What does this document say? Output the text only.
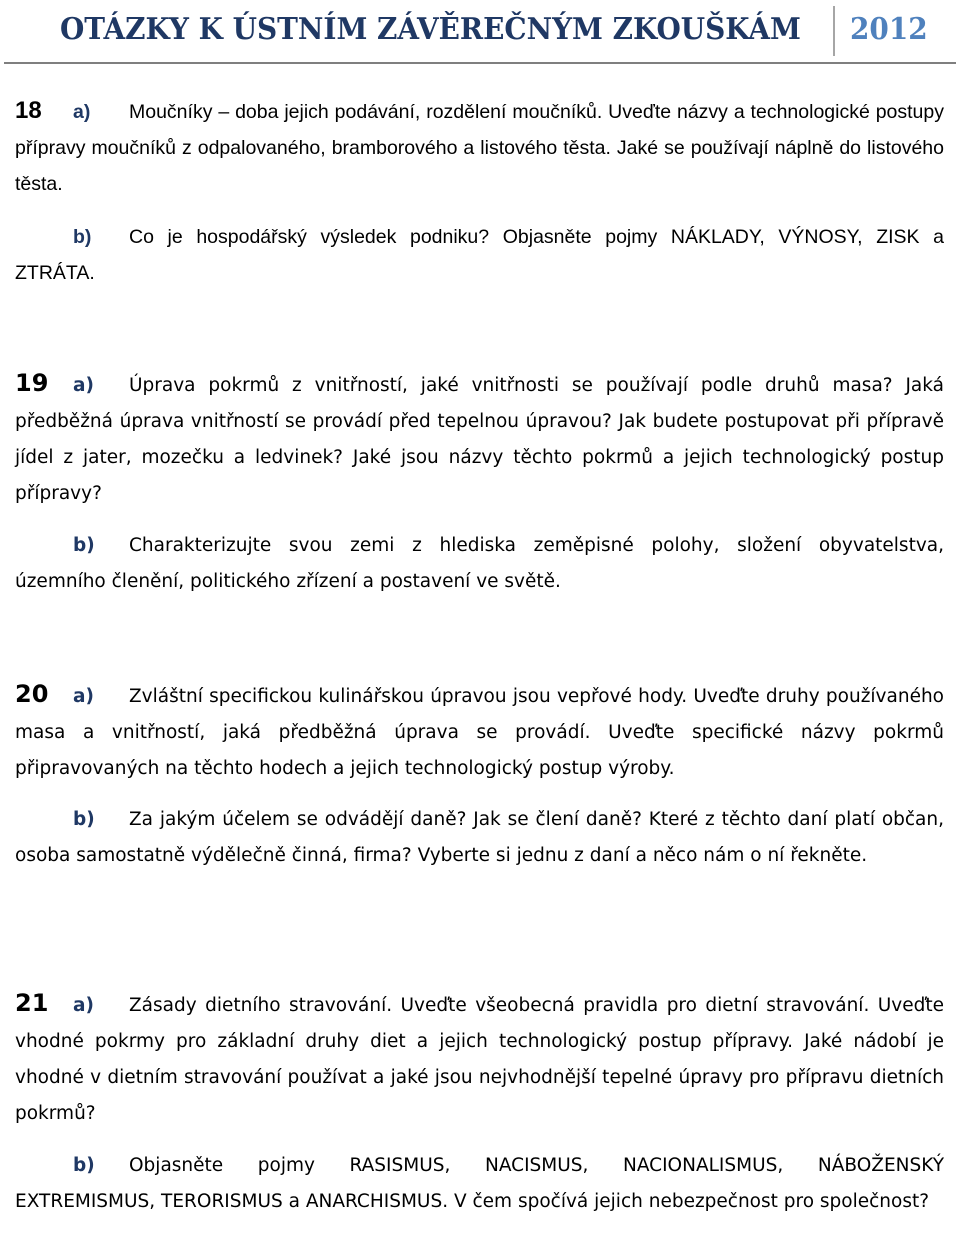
OTÁZKY K ÚSTNÍM ZÁVĚREČNÝM ZKOUŠKÁM 2012
18 a) Moučníky – doba jejich podávání, rozdělení moučníků. Uveďte názvy a technologické postupy přípravy moučníků z odpalovaného, bramborového a listového těsta. Jaké se používají náplně do listového těsta.
b) Co je hospodářský výsledek podniku? Objasněte pojmy NÁKLADY, VÝNOSY, ZISK a ZTRÁTA.
19 a) Úprava pokrmů z vnitřností, jaké vnitřnosti se používají podle druhů masa? Jaká předběžná úprava vnitřností se provádí před tepelnou úpravou? Jak budete postupovat při přípravě jídel z jater, mozečku a ledvinek? Jaké jsou názvy těchto pokrmů a jejich technologický postup přípravy?
b) Charakterizujte svou zemi z hlediska zeměpisné polohy, složení obyvatelstva, územního členění, politického zřízení a postavení ve světě.
20 a) Zvláštní specifickou kulinářskou úpravou jsou vepřové hody. Uveďte druhy používaného masa a vnitřností, jaká předběžná úprava se provádí. Uveďte specifické názvy pokrmů připravovaných na těchto hodech a jejich technologický postup výroby.
b) Za jakým účelem se odvádějí daně? Jak se člení daně? Které z těchto daní platí občan, osoba samostatně výdělečně činná, firma? Vyberte si jednu z daní a něco nám o ní řekněte.
21 a) Zásady dietního stravování. Uveďte všeobecná pravidla pro dietní stravování. Uveďte vhodné pokrmy pro základní druhy diet a jejich technologický postup přípravy. Jaké nádobí je vhodné v dietním stravování používat a jaké jsou nejvhodnější tepelné úpravy pro přípravu dietních pokrmů?
b) Objasněte pojmy RASISMUS, NACISMUS, NACIONALISMUS, NÁBOŽENSKÝ EXTREMISMUS, TERORISMUS a ANARCHISMUS. V čem spočívá jejich nebezpečnost pro společnost?
